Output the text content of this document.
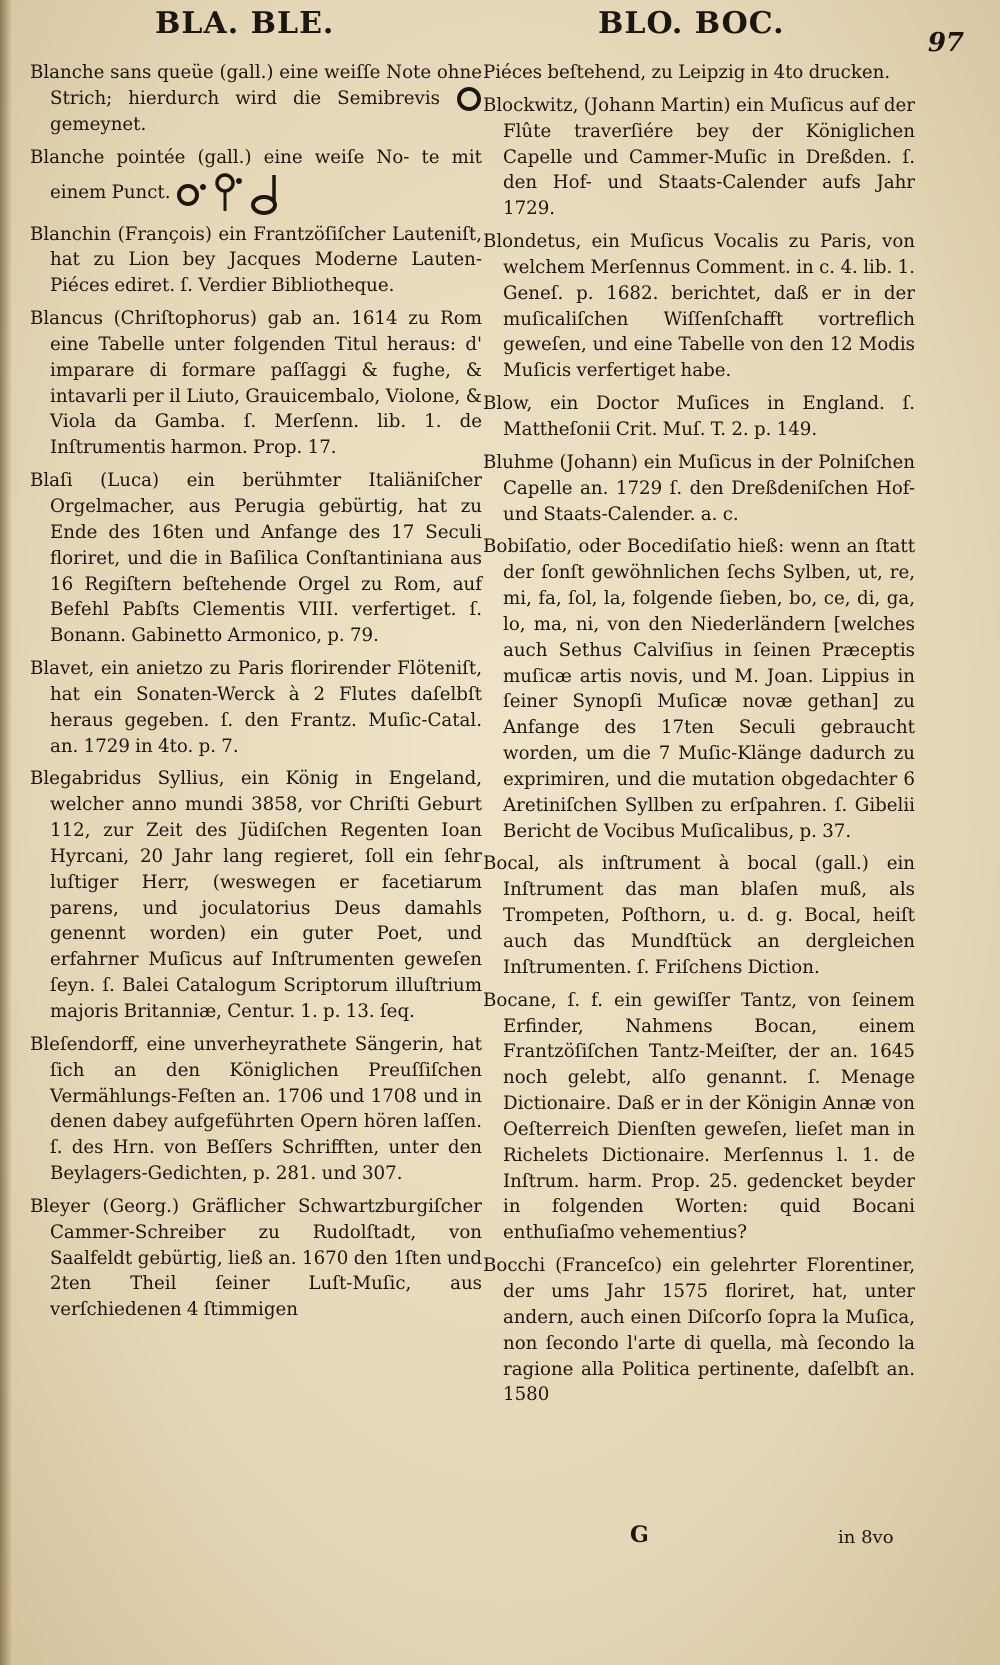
BLA. BLE.	BLO. BOC.
97
Blanche sans queüe (gall.) eine weiſſe Note ohne Strich; hierdurch wird die Semibrevis  gemeynet.
Blanche pointée (gall.) eine weiſe No- te mit einem Punct.
Blanchin (François) ein Frantzöſiſcher Lauteniſt, hat zu Lion bey Jacques Moderne Lauten-Piéces ediret. ſ. Verdier Bibliotheque.
Blancus (Chriſtophorus) gab an. 1614 zu Rom eine Tabelle unter folgenden Titul heraus: d' imparare di formare paſſaggi & fughe, & intavarli per il Liuto, Grauicembalo, Violone, & Viola da Gamba. ſ. Merſenn. lib. 1. de Inſtrumentis harmon. Prop. 17.
Blaſi (Luca) ein berühmter Italiäniſcher Orgelmacher, aus Perugia gebürtig, hat zu Ende des 16ten und Anfange des 17 Seculi floriret, und die in Baſilica Conſtantiniana aus 16 Regiſtern beſtehende Orgel zu Rom, auf Befehl Pabſts Clementis VIII. verfertiget. ſ. Bonann. Gabinetto Armonico, p. 79.
Blavet, ein anietzo zu Paris florirender Flöteniſt, hat ein Sonaten-Werck à 2 Flutes daſelbſt heraus gegeben. ſ. den Frantz. Muſic-Catal. an. 1729 in 4to. p. 7.
Blegabridus Syllius, ein König in Engeland, welcher anno mundi 3858, vor Chriſti Geburt 112, zur Zeit des Jüdiſchen Regenten Ioan Hyrcani, 20 Jahr lang regieret, ſoll ein ſehr luſtiger Herr, (weswegen er facetiarum parens, und joculatorius Deus damahls genennt worden) ein guter Poet, und erfahrner Muſicus auf Inſtrumenten geweſen ſeyn. ſ. Balei Catalogum Scriptorum illuſtrium majoris Britanniæ, Centur. 1. p. 13. ſeq.
Bleſendorff, eine unverheyrathete Sängerin, hat ſich an den Königlichen Preuſſiſchen Vermählungs-Feſten an. 1706 und 1708 und in denen dabey aufgeführten Opern hören laſſen. ſ. des Hrn. von Beſſers Schrifften, unter den Beylagers-Gedichten, p. 281. und 307.
Bleyer (Georg.) Gräflicher Schwartzburgiſcher Cammer-Schreiber zu Rudolſtadt, von Saalfeldt gebürtig, ließ an. 1670 den 1ſten und 2ten Theil ſeiner Luſt-Muſic, aus verſchiedenen 4 ſtimmigen
Piéces beſtehend, zu Leipzig in 4to drucken.
Blockwitz, (Johann Martin) ein Muſicus auf der Flûte traverſiére bey der Königlichen Capelle und Cammer-Muſic in Dreßden. ſ. den Hof- und Staats-Calender aufs Jahr 1729.
Blondetus, ein Muſicus Vocalis zu Paris, von welchem Merſennus Comment. in c. 4. lib. 1. Geneſ. p. 1682. berichtet, daß er in der muſicaliſchen Wiſſenſchafft vortreflich geweſen, und eine Tabelle von den 12 Modis Muſicis verfertiget habe.
Blow, ein Doctor Muſices in England. ſ. Mattheſonii Crit. Muſ. T. 2. p. 149.
Bluhme (Johann) ein Muſicus in der Polniſchen Capelle an. 1729 ſ. den Dreßdeniſchen Hof- und Staats-Calender. a. c.
Bobiſatio, oder Bocediſatio hieß: wenn an ſtatt der ſonſt gewöhnlichen ſechs Sylben, ut, re, mi, fa, ſol, la, folgende ſieben, bo, ce, di, ga, lo, ma, ni, von den Niederländern [welches auch Sethus Calviſius in ſeinen Præceptis muſicæ artis novis, und M. Joan. Lippius in ſeiner Synopſi Muſicæ novæ gethan] zu Anfange des 17ten Seculi gebraucht worden, um die 7 Muſic-Klänge dadurch zu exprimiren, und die mutation obgedachter 6 Aretiniſchen Syllben zu erſpahren. ſ. Gibelii Bericht de Vocibus Muſicalibus, p. 37.
Bocal, als inſtrument à bocal (gall.) ein Inſtrument das man blaſen muß, als Trompeten, Poſthorn, u. d. g. Bocal, heiſt auch das Mundſtück an dergleichen Inſtrumenten. ſ. Friſchens Diction.
Bocane, ſ. f. ein gewiſſer Tantz, von ſeinem Erfinder, Nahmens Bocan, einem Frantzöſiſchen Tantz-Meiſter, der an. 1645 noch gelebt, alſo genannt. ſ. Menage Dictionaire. Daß er in der Königin Annæ von Oeſterreich Dienſten geweſen, lieſet man in Richelets Dictionaire. Merſennus l. 1. de Inſtrum. harm. Prop. 25. gedencket beyder in folgenden Worten: quid Bocani enthuſiaſmo vehementius?
Bocchi (Franceſco) ein gelehrter Florentiner, der ums Jahr 1575 floriret, hat, unter andern, auch einen Diſcorſo ſopra la Muſica, non ſecondo l'arte di quella, mà ſecondo la ragione alla Politica pertinente, daſelbſt an. 1580
G	in 8vo
